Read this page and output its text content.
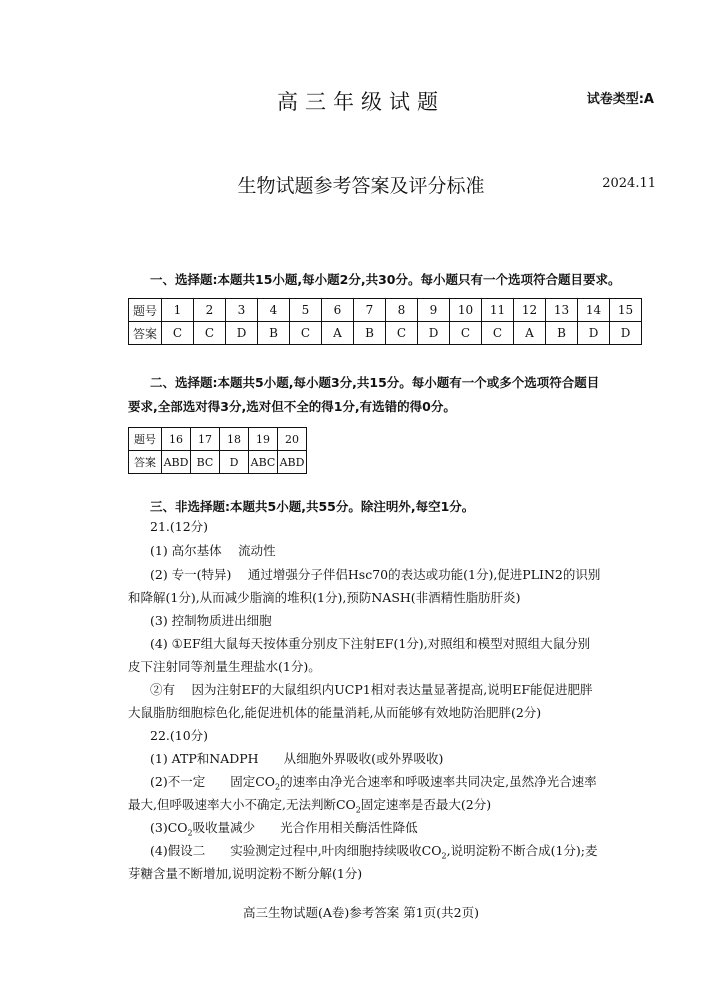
高三年级试题	试卷类型:A
生物试题参考答案及评分标准	2024.11
一、选择题:本题共15小题,每小题2分,共30分。每小题只有一个选项符合题目要求。
题号	1	2	3	4	5	6	7	8	9	10	11	12	13	14	15
答案	C	C	D	B	C	A	B	C	D	C	C	A	B	D	D
二、选择题:本题共5小题,每小题3分,共15分。每小题有一个或多个选项符合题目
要求,全部选对得3分,选对但不全的得1分,有选错的得0分。
题号	16	17	18	19	20
答案	ABD	BC	D	ABC	ABD
三、非选择题:本题共5小题,共55分。除注明外,每空1分。
21.(12分)
(1) 高尔基体　 流动性
(2) 专一(特异)　 通过增强分子伴侣Hsc70的表达或功能(1分),促进PLIN2的识别
和降解(1分),从而减少脂滴的堆积(1分),预防NASH(非酒精性脂肪肝炎)
(3) 控制物质进出细胞
(4) ①EF组大鼠每天按体重分别皮下注射EF(1分),对照组和模型对照组大鼠分别
皮下注射同等剂量生理盐水(1分)。
②有　 因为注射EF的大鼠组织内UCP1相对表达量显著提高,说明EF能促进肥胖
大鼠脂肪细胞棕色化,能促进机体的能量消耗,从而能够有效地防治肥胖(2分)
22.(10分)
(1) ATP和NADPH　　从细胞外界吸收(或外界吸收)
(2)不一定　　固定$CO_2$的速率由净光合速率和呼吸速率共同决定,虽然净光合速率
最大,但呼吸速率大小不确定,无法判断$CO_2$固定速率是否最大(2分)
$(3)CO_2$吸收量减少　　光合作用相关酶活性降低
(4)假设二　　实验测定过程中,叶肉细胞持续吸收$CO_2$,说明淀粉不断合成(1分);麦
芽糖含量不断增加,说明淀粉不断分解(1分)
高三生物试题(A卷)参考答案 第1页(共2页)
